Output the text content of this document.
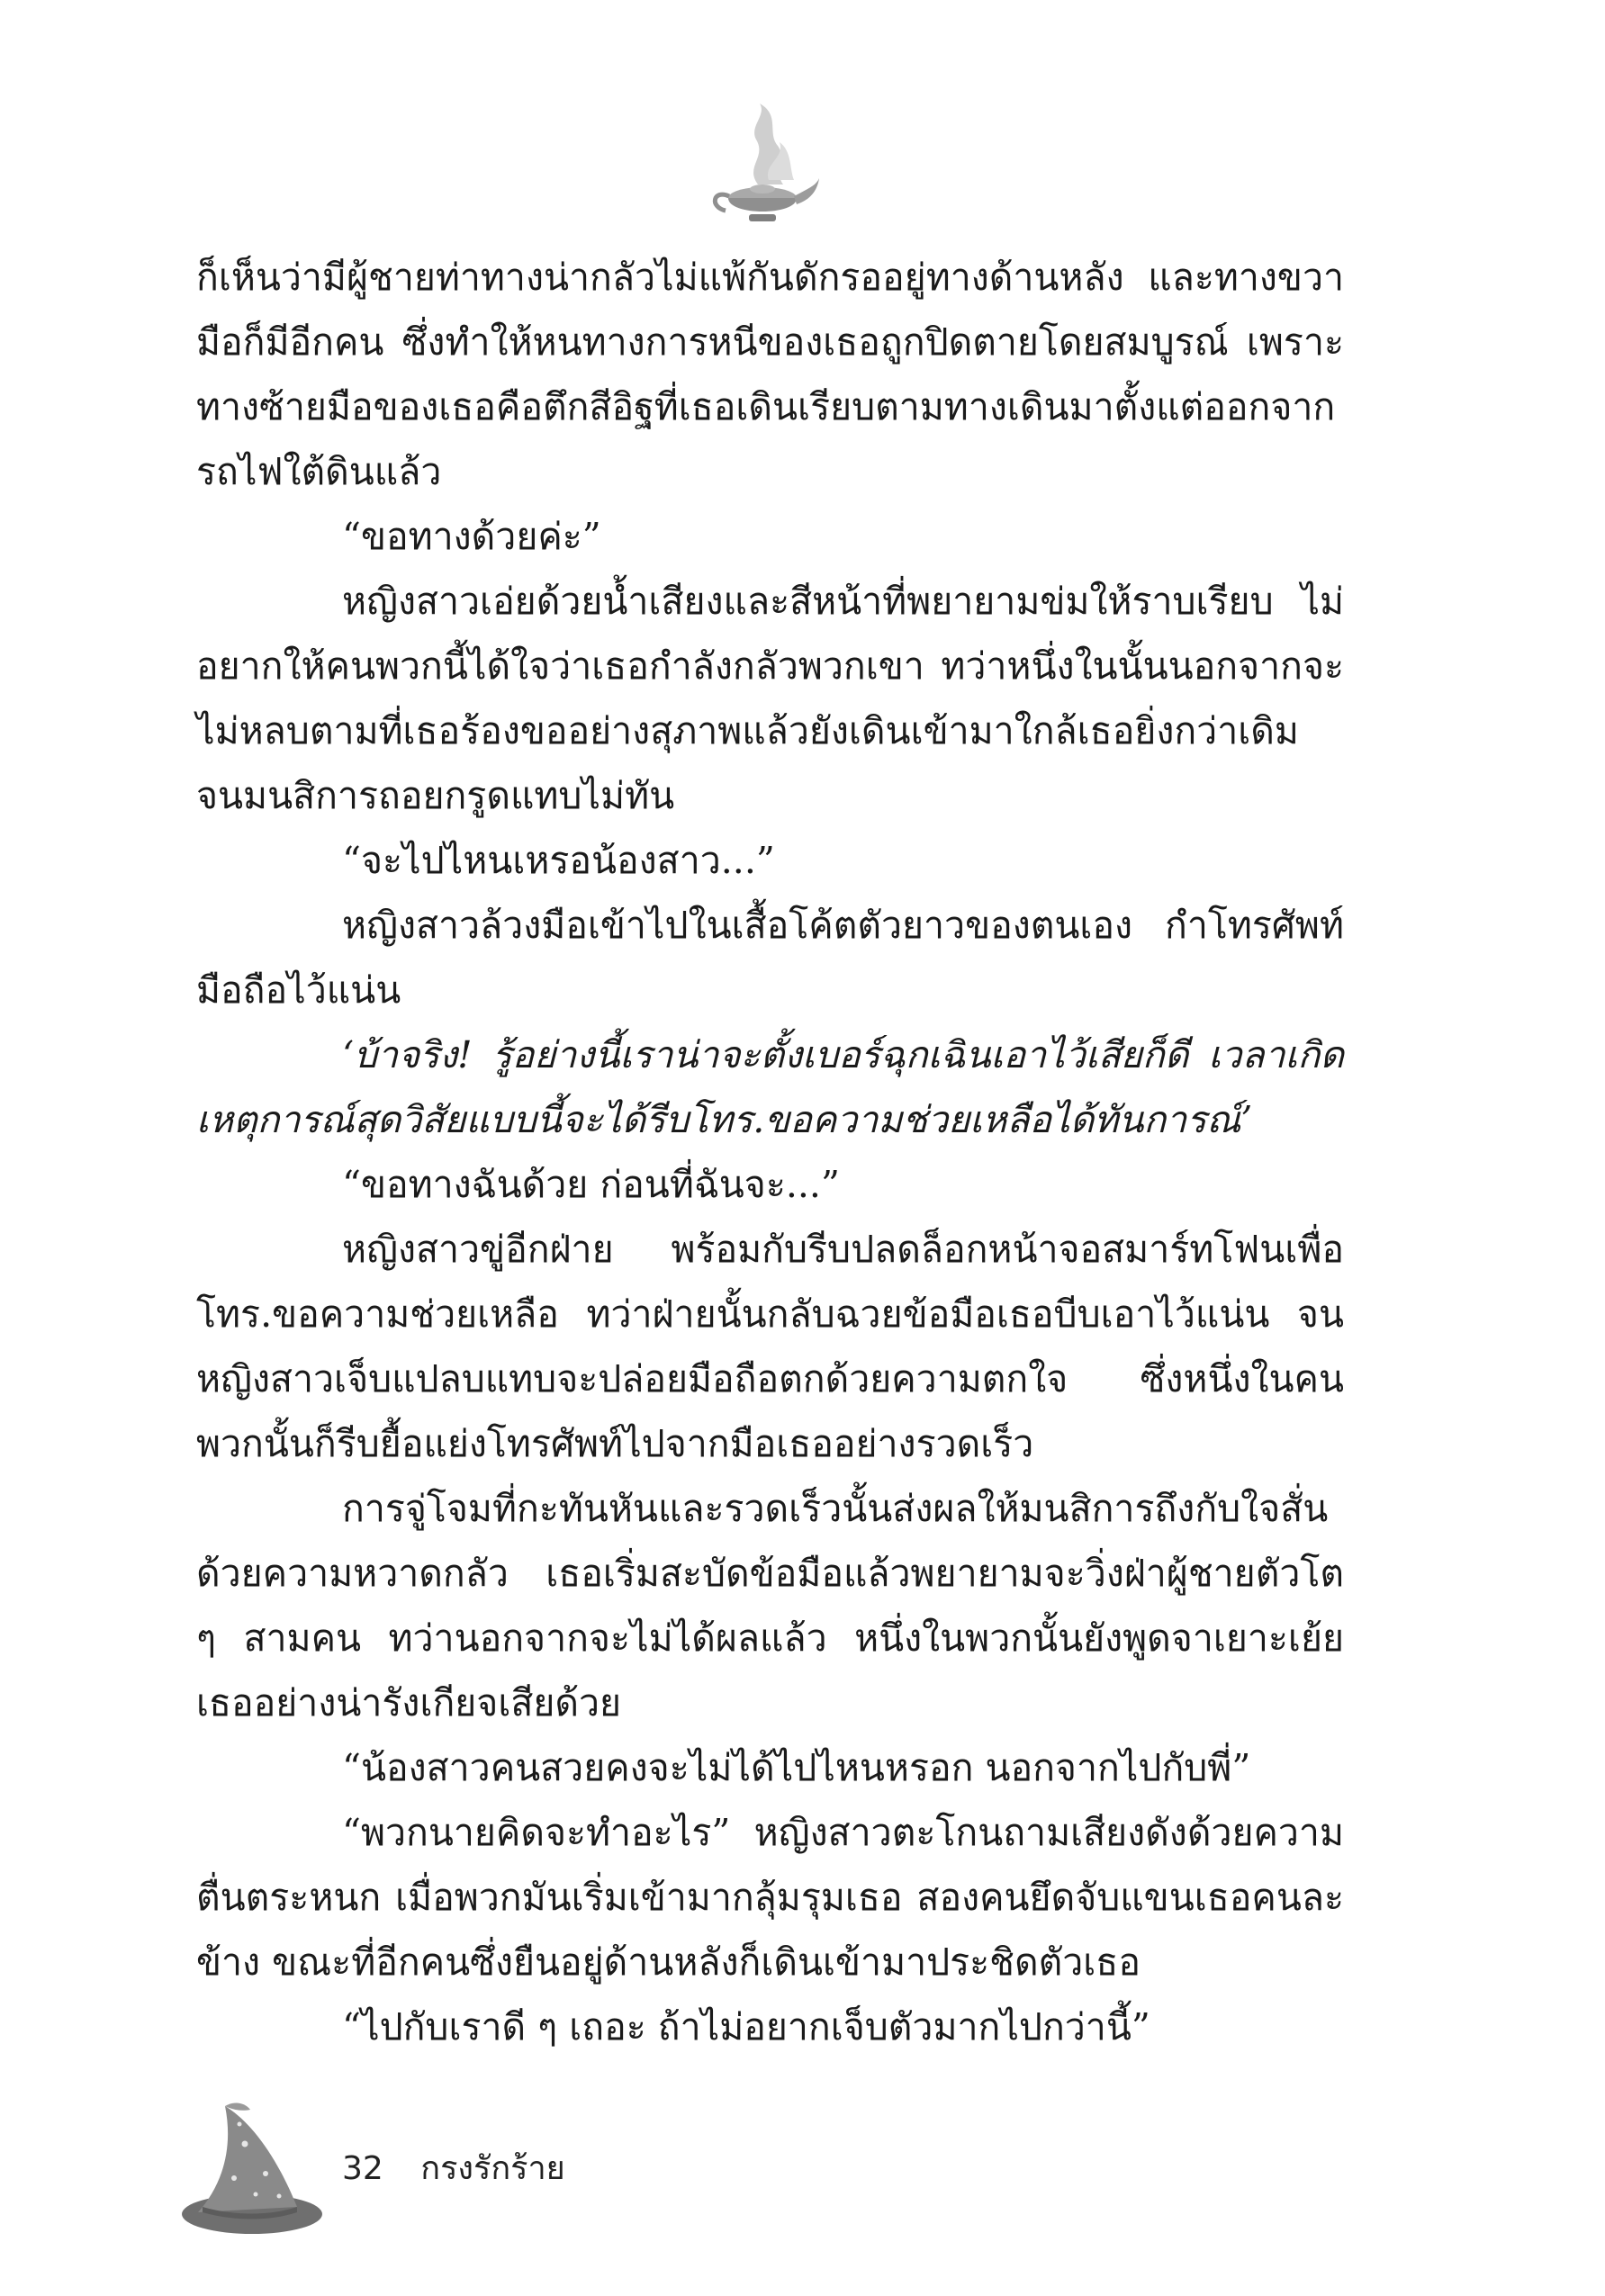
ก็เห็นว่ามีผู้ชายท่าทางน่ากลัวไม่แพ้กันดักรออยู่ทางด้านหลัง และทางขวามือก็มีอีกคน ซึ่งทำให้หนทางการหนีของเธอถูกปิดตายโดยสมบูรณ์ เพราะทางซ้ายมือของเธอคือตึกสีอิฐที่เธอเดินเรียบตามทางเดินมาตั้งแต่ออกจากรถไฟใต้ดินแล้ว

“ขอทางด้วยค่ะ”

หญิงสาวเอ่ยด้วยน้ำเสียงและสีหน้าที่พยายามข่มให้ราบเรียบ ไม่อยากให้คนพวกนี้ได้ใจว่าเธอกำลังกลัวพวกเขา ทว่าหนึ่งในนั้นนอกจากจะไม่หลบตามที่เธอร้องขออย่างสุภาพแล้วยังเดินเข้ามาใกล้เธอยิ่งกว่าเดิม จนมนสิการถอยกรูดแทบไม่ทัน

“จะไปไหนเหรอน้องสาว...”

หญิงสาวล้วงมือเข้าไปในเสื้อโค้ตตัวยาวของตนเอง กำโทรศัพท์มือถือไว้แน่น

‘บ้าจริง! รู้อย่างนี้เราน่าจะตั้งเบอร์ฉุกเฉินเอาไว้เสียก็ดี เวลาเกิดเหตุการณ์สุดวิสัยแบบนี้จะได้รีบโทร.ขอความช่วยเหลือได้ทันการณ์’

“ขอทางฉันด้วย ก่อนที่ฉันจะ...”

หญิงสาวขู่อีกฝ่าย พร้อมกับรีบปลดล็อกหน้าจอสมาร์ทโฟนเพื่อโทร.ขอความช่วยเหลือ ทว่าฝ่ายนั้นกลับฉวยข้อมือเธอบีบเอาไว้แน่น จนหญิงสาวเจ็บแปลบแทบจะปล่อยมือถือตกด้วยความตกใจ ซึ่งหนึ่งในคนพวกนั้นก็รีบยื้อแย่งโทรศัพท์ไปจากมือเธออย่างรวดเร็ว

การจู่โจมที่กะทันหันและรวดเร็วนั้นส่งผลให้มนสิการถึงกับใจสั่นด้วยความหวาดกลัว เธอเริ่มสะบัดข้อมือแล้วพยายามจะวิ่งฝ่าผู้ชายตัวโต ๆ สามคน ทว่านอกจากจะไม่ได้ผลแล้ว หนึ่งในพวกนั้นยังพูดจาเยาะเย้ยเธออย่างน่ารังเกียจเสียด้วย

“น้องสาวคนสวยคงจะไม่ได้ไปไหนหรอก นอกจากไปกับพี่”

“พวกนายคิดจะทำอะไร” หญิงสาวตะโกนถามเสียงดังด้วยความตื่นตระหนก เมื่อพวกมันเริ่มเข้ามากลุ้มรุมเธอ สองคนยึดจับแขนเธอคนละข้าง ขณะที่อีกคนซึ่งยืนอยู่ด้านหลังก็เดินเข้ามาประชิดตัวเธอ

“ไปกับเราดี ๆ เถอะ ถ้าไม่อยากเจ็บตัวมากไปกว่านี้”

32 กรงรักร้าย
